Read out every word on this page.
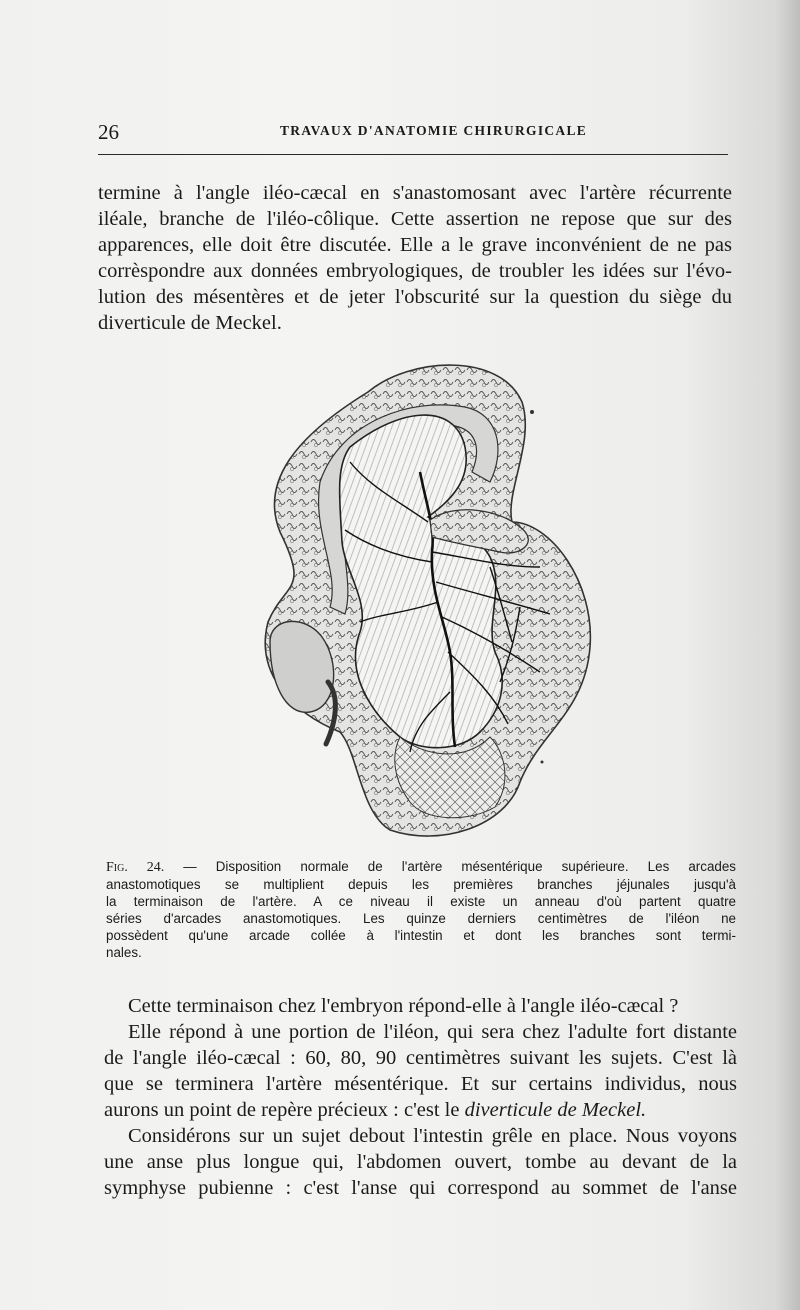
26	TRAVAUX D'ANATOMIE CHIRURGICALE
termine à l'angle iléo-cæcal en s'anastomosant avec l'artère récurrente
iléale, branche de l'iléo-côlique. Cette assertion ne repose que sur des
apparences, elle doit être discutée. Elle a le grave inconvénient de ne pas
corrèspondre aux données embryologiques, de troubler les idées sur l'évo-
lution des mésentères et de jeter l'obscurité sur la question du siège du
diverticule de Meckel.
Fig. 24. — Disposition normale de l'artère mésentérique supérieure. Les arcades
anastomotiques se multiplient depuis les premières branches jéjunales jusqu'à
la terminaison de l'artère. A ce niveau il existe un anneau d'où partent quatre
séries d'arcades anastomotiques. Les quinze derniers centimètres de l'iléon ne
possèdent qu'une arcade collée à l'intestin et dont les branches sont termi-
nales.
Cette terminaison chez l'embryon répond-elle à l'angle iléo-cæcal ?
Elle répond à une portion de l'iléon, qui sera chez l'adulte fort distante
de l'angle iléo-cæcal : 60, 80, 90 centimètres suivant les sujets. C'est là
que se terminera l'artère mésentérique. Et sur certains individus, nous
aurons un point de repère précieux : c'est le diverticule de Meckel.
Considérons sur un sujet debout l'intestin grêle en place. Nous voyons
une anse plus longue qui, l'abdomen ouvert, tombe au devant de la
symphyse pubienne : c'est l'anse qui correspond au sommet de l'anse
